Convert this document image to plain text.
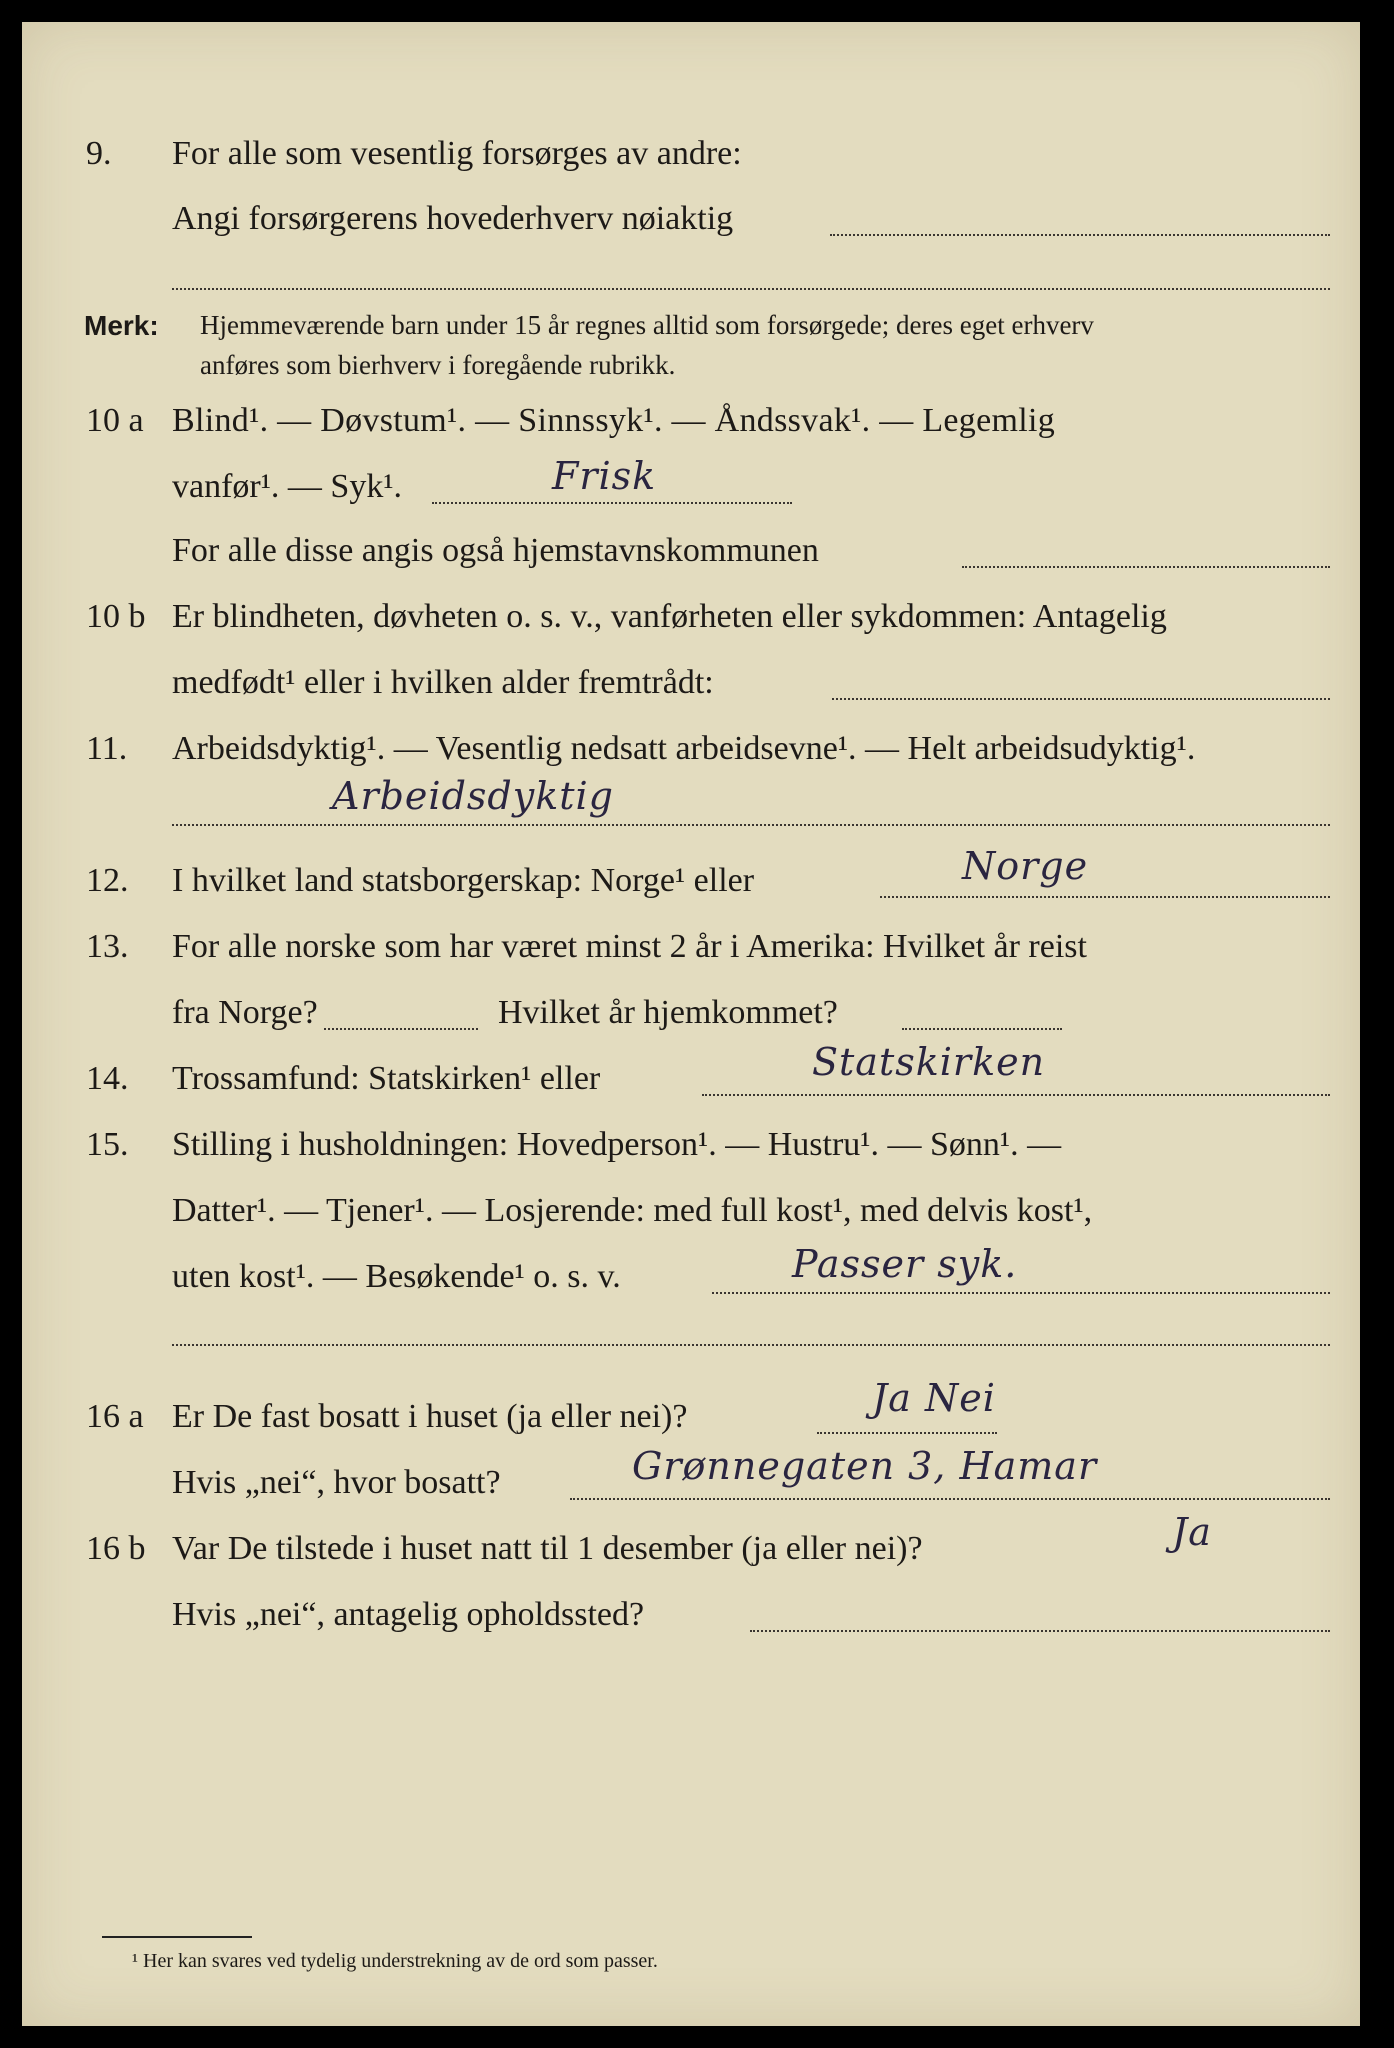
9. For alle som vesentlig forsørges av andre:
Angi forsørgerens hovederhverv nøiaktig
Merk: Hjemmeværende barn under 15 år regnes alltid som forsørgede; deres eget erhverv
anføres som bierhverv i foregående rubrikk.
10 a Blind¹. — Døvstum¹. — Sinnssyk¹. — Åndssvak¹. — Legemlig
vanfør¹. — Syk¹.	Frisk
For alle disse angis også hjemstavnskommunen
10 b Er blindheten, døvheten o. s. v., vanførheten eller sykdommen: Antagelig
medfødt¹ eller i hvilken alder fremtrådt:
11. Arbeidsdyktig¹. — Vesentlig nedsatt arbeidsevne¹. — Helt arbeidsudyktig¹.
Arbeidsdyktig
12. I hvilket land statsborgerskap: Norge¹ eller	Norge
13. For alle norske som har været minst 2 år i Amerika: Hvilket år reist
fra Norge?	Hvilket år hjemkommet?
14. Trossamfund: Statskirken¹ eller	Statskirken
15. Stilling i husholdningen: Hovedperson¹. — Hustru¹. — Sønn¹. —
Datter¹. — Tjener¹. — Losjerende: med full kost¹, med delvis kost¹,
uten kost¹. — Besøkende¹ o. s. v.	Passer syk.
16 a Er De fast bosatt i huset (ja eller nei)?	Ja Nei
Hvis „nei“, hvor bosatt?	Grønnegaten 3, Hamar
16 b Var De tilstede i huset natt til 1 desember (ja eller nei)?	Ja
Hvis „nei“, antagelig opholdssted?
¹ Her kan svares ved tydelig understrekning av de ord som passer.
